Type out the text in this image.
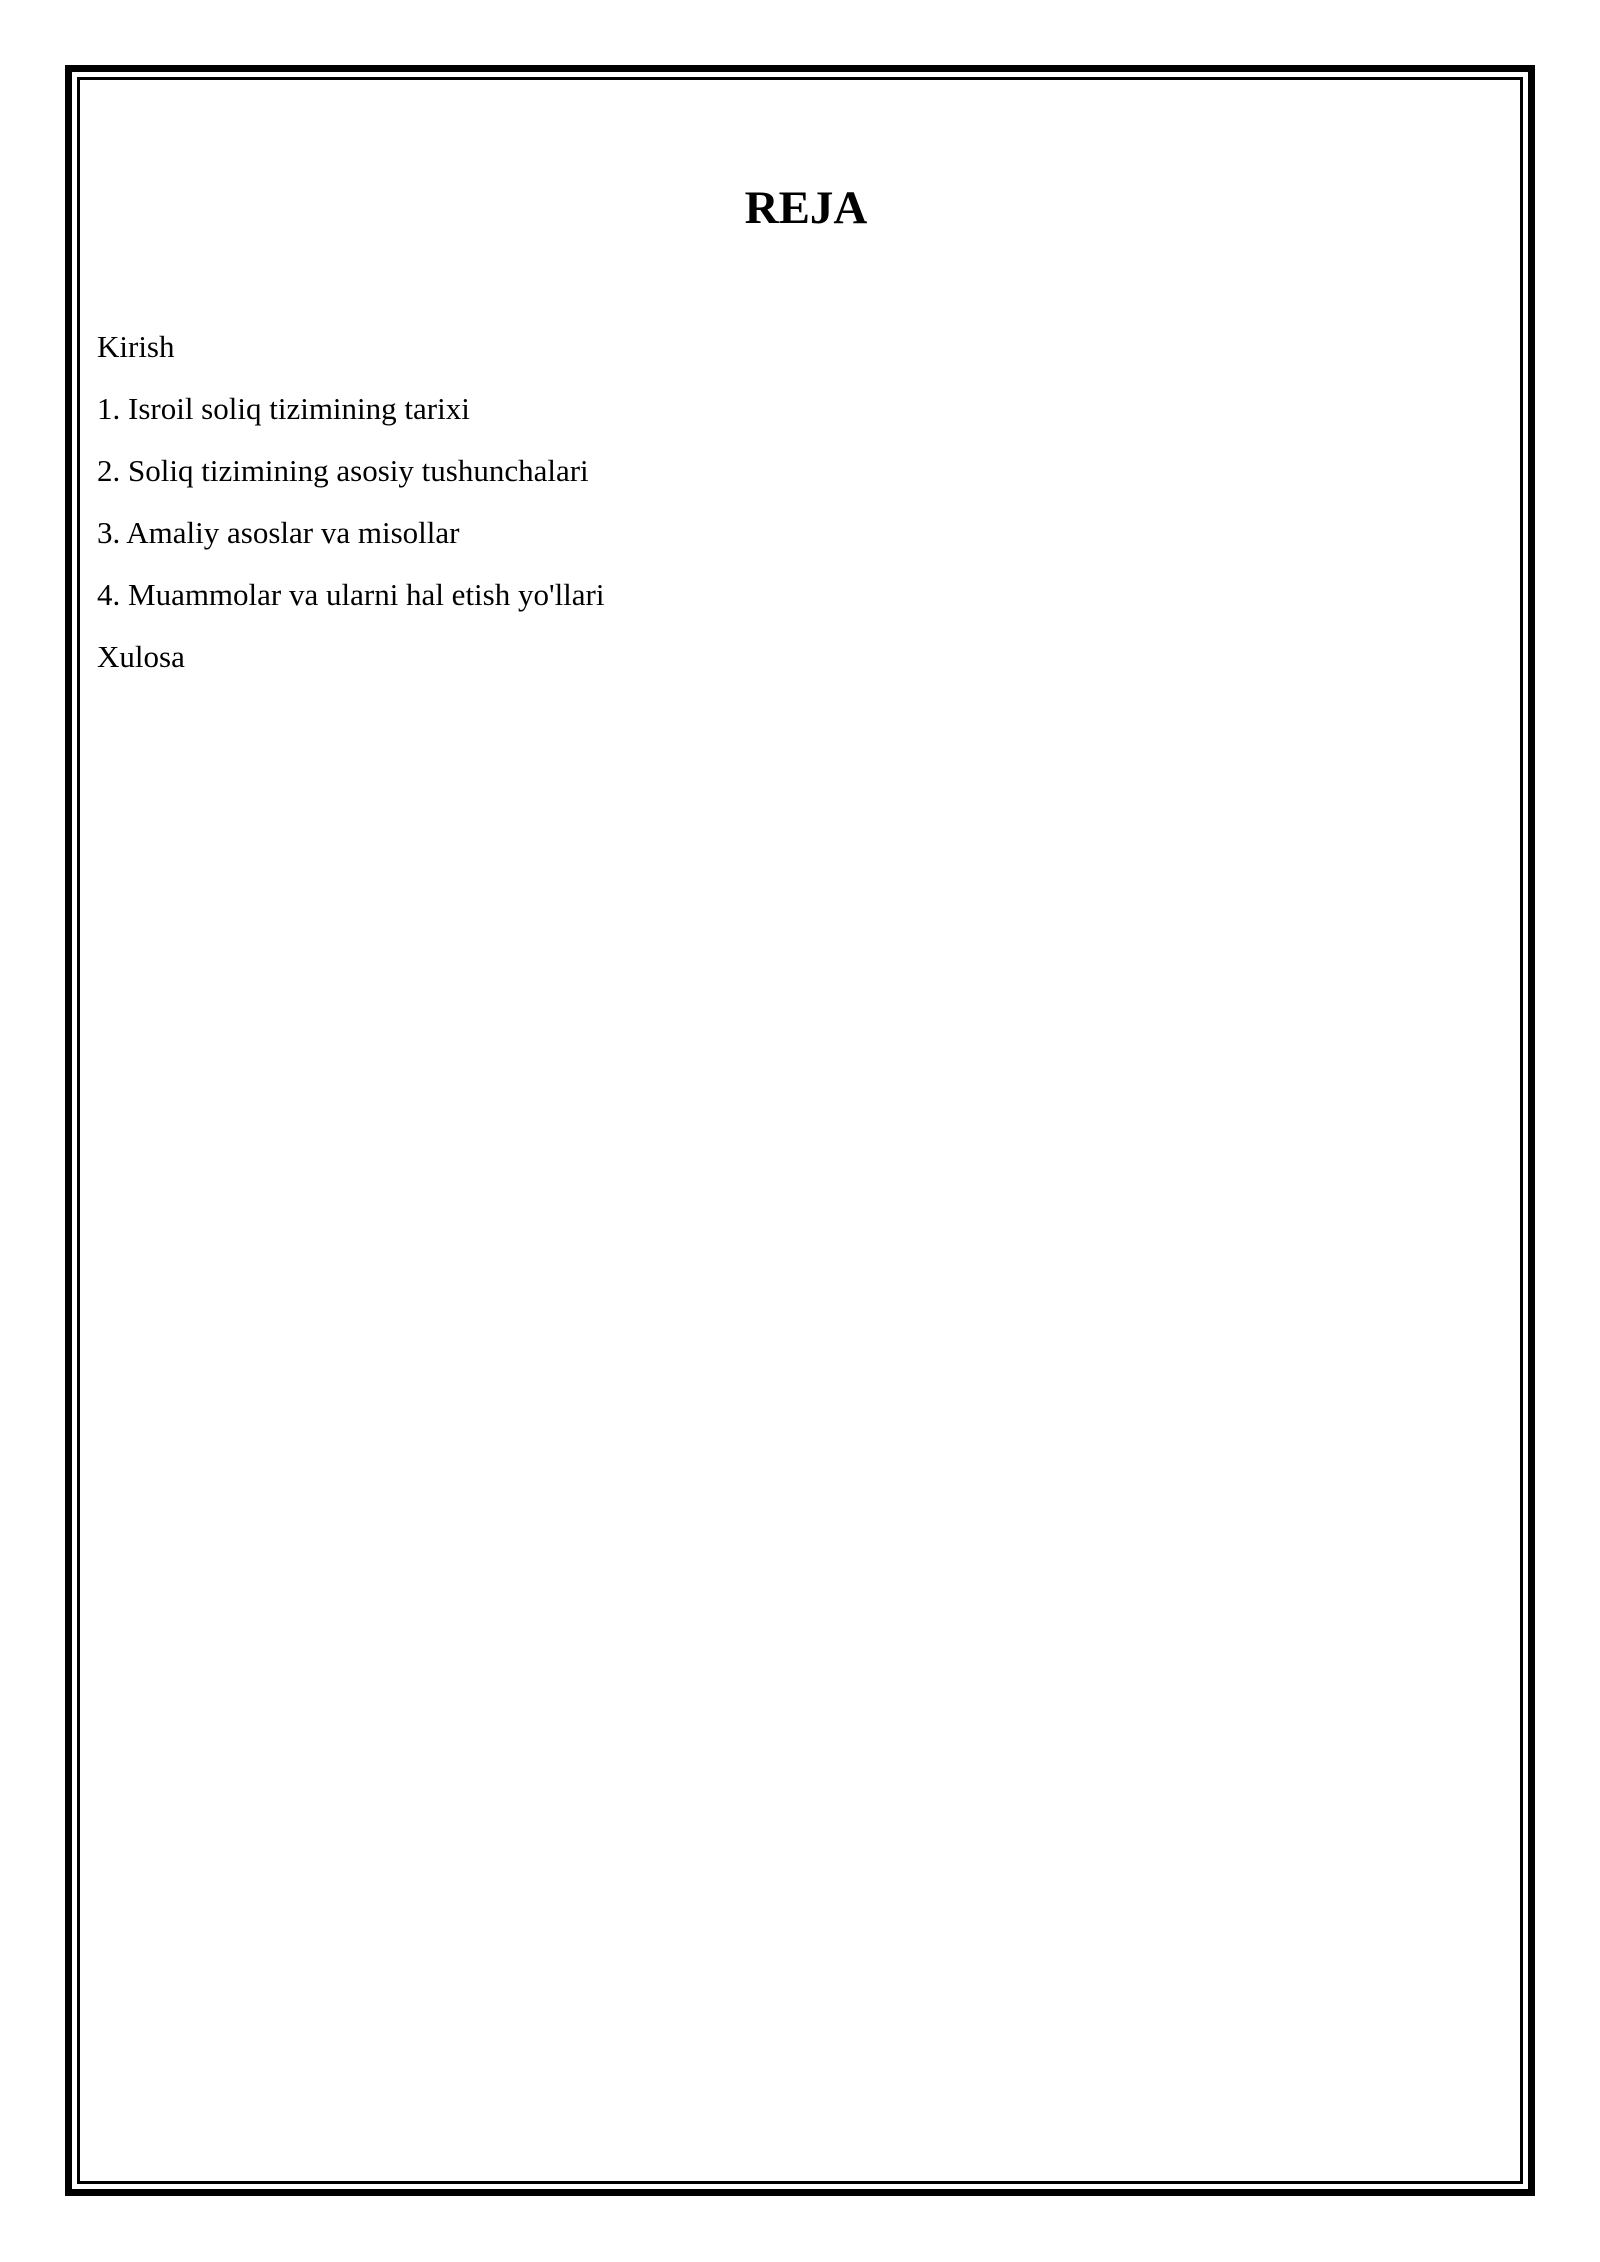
REJA
Kirish
1. Isroil soliq tizimining tarixi
2. Soliq tizimining asosiy tushunchalari
3. Amaliy asoslar va misollar
4. Muammolar va ularni hal etish yo'llari
Xulosa
